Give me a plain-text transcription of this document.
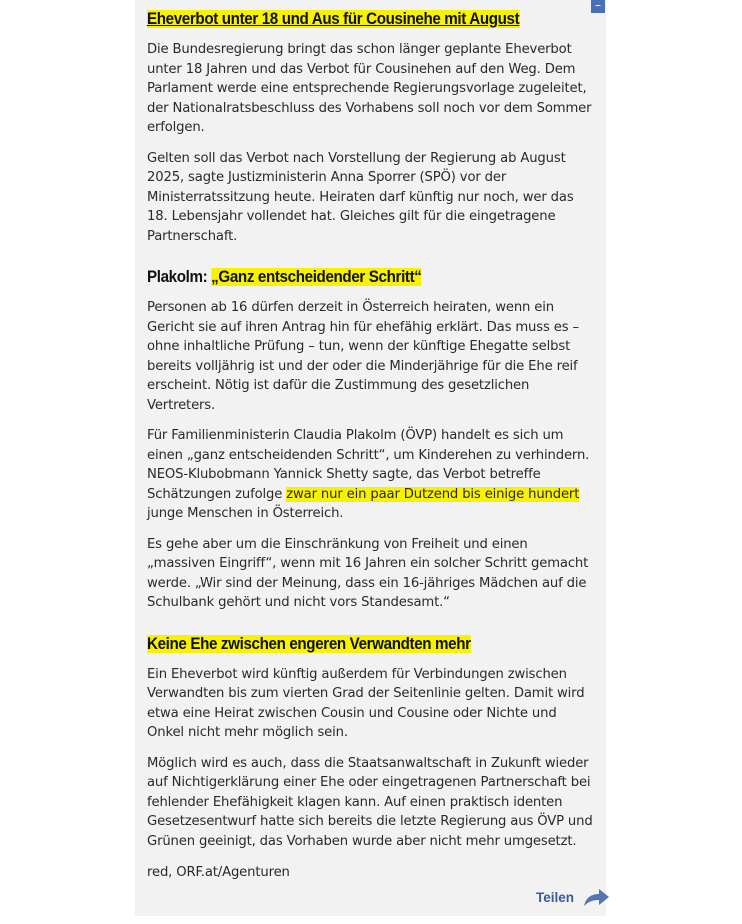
–
Eheverbot unter 18 und Aus für Cousinehe mit August

Die Bundesregierung bringt das schon länger geplante Eheverbot unter 18 Jahren und das Verbot für Cousinehen auf den Weg. Dem Parlament werde eine entsprechende Regierungsvorlage zugeleitet, der Nationalratsbeschluss des Vorhabens soll noch vor dem Sommer erfolgen.

Gelten soll das Verbot nach Vorstellung der Regierung ab August 2025, sagte Justizministerin Anna Sporrer (SPÖ) vor der Ministerratssitzung heute. Heiraten darf künftig nur noch, wer das 18. Lebensjahr vollendet hat. Gleiches gilt für die eingetragene Partnerschaft.

Plakolm: „Ganz entscheidender Schritt“

Personen ab 16 dürfen derzeit in Österreich heiraten, wenn ein Gericht sie auf ihren Antrag hin für ehefähig erklärt. Das muss es – ohne inhaltliche Prüfung – tun, wenn der künftige Ehegatte selbst bereits volljährig ist und der oder die Minderjährige für die Ehe reif erscheint. Nötig ist dafür die Zustimmung des gesetzlichen Vertreters.

Für Familienministerin Claudia Plakolm (ÖVP) handelt es sich um einen „ganz entscheidenden Schritt“, um Kinderehen zu verhindern. NEOS-Klubobmann Yannick Shetty sagte, das Verbot betreffe Schätzungen zufolge zwar nur ein paar Dutzend bis einige hundert junge Menschen in Österreich.

Es gehe aber um die Einschränkung von Freiheit und einen „massiven Eingriff“, wenn mit 16 Jahren ein solcher Schritt gemacht werde. „Wir sind der Meinung, dass ein 16-jähriges Mädchen auf die Schulbank gehört und nicht vors Standesamt.“

Keine Ehe zwischen engeren Verwandten mehr

Ein Eheverbot wird künftig außerdem für Verbindungen zwischen Verwandten bis zum vierten Grad der Seitenlinie gelten. Damit wird etwa eine Heirat zwischen Cousin und Cousine oder Nichte und Onkel nicht mehr möglich sein.

Möglich wird es auch, dass die Staatsanwaltschaft in Zukunft wieder auf Nichtigerklärung einer Ehe oder eingetragenen Partnerschaft bei fehlender Ehefähigkeit klagen kann. Auf einen praktisch identen Gesetzesentwurf hatte sich bereits die letzte Regierung aus ÖVP und Grünen geeinigt, das Vorhaben wurde aber nicht mehr umgesetzt.

red, ORF.at/Agenturen

Teilen
